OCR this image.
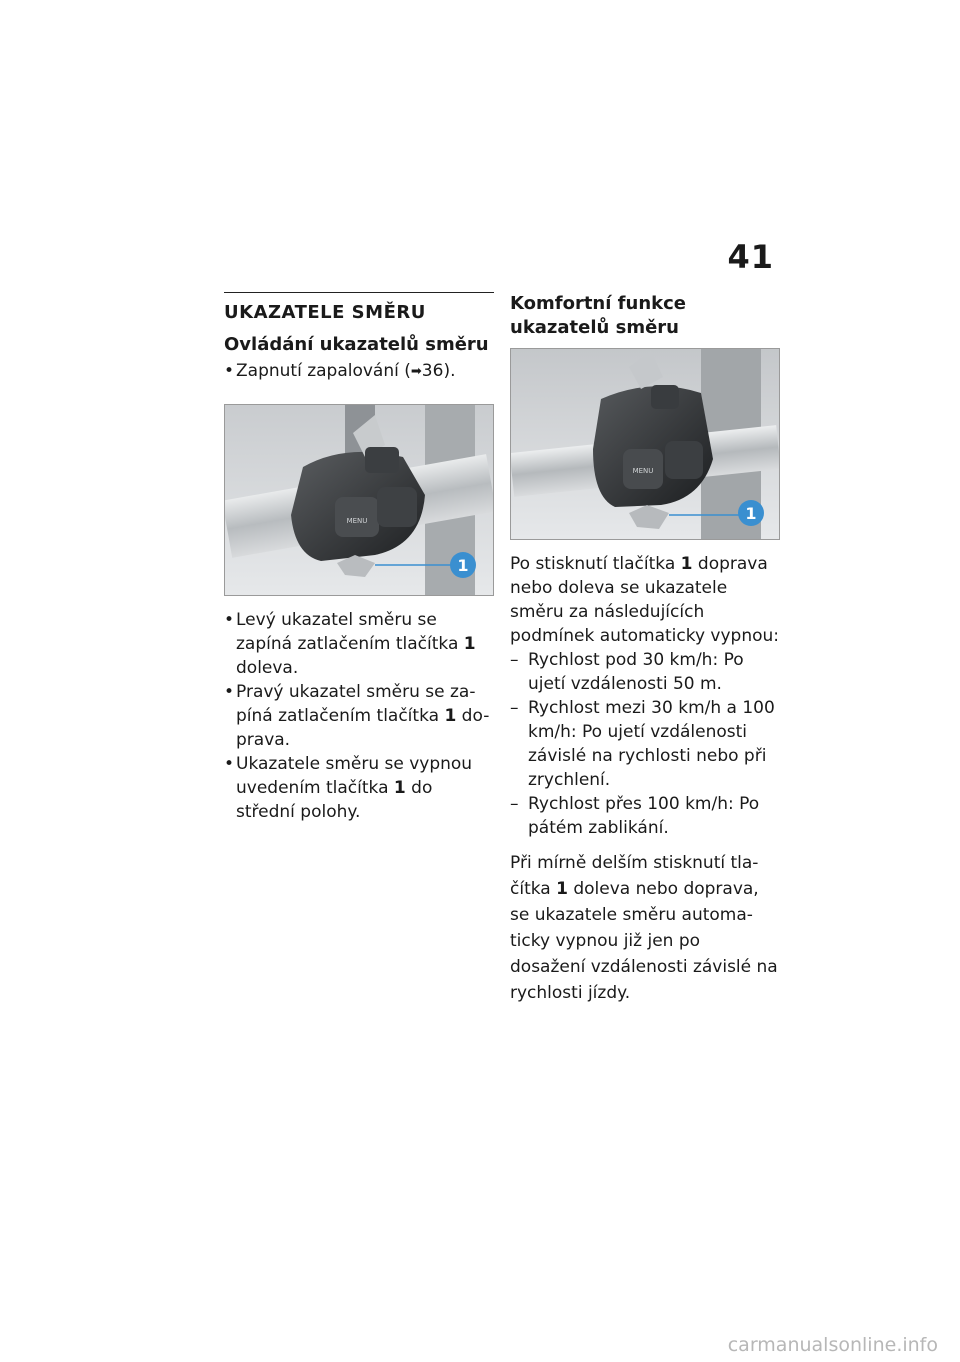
41
UKAZATELE SMĚRU
Ovládání ukazatelů směru
• Zapnutí zapalování (➡36).
MENU
1
• Levý ukazatel směru se zapíná zatlačením tlačítka 1 doleva.
• Pravý ukazatel směru se za-píná zatlačením tlačítka 1 do-prava.
• Ukazatele směru se vypnou uvedením tlačítka 1 do střední polohy.
Komfortní funkce ukazatelů směru
MENU
1
Po stisknutí tlačítka 1 doprava nebo doleva se ukazatele směru za následujících podmínek automaticky vypnou:
– Rychlost pod 30 km/h: Po ujetí vzdálenosti 50 m.
– Rychlost mezi 30 km/h a 100 km/h: Po ujetí vzdálenosti závislé na rychlosti nebo při zrychlení.
– Rychlost přes 100 km/h: Po pátém zablikání.
Při mírně delším stisknutí tla-čítka 1 doleva nebo doprava, se ukazatele směru automa-ticky vypnou již jen po dosažení vzdálenosti závislé na rychlosti jízdy.
carmanualsonline.info
